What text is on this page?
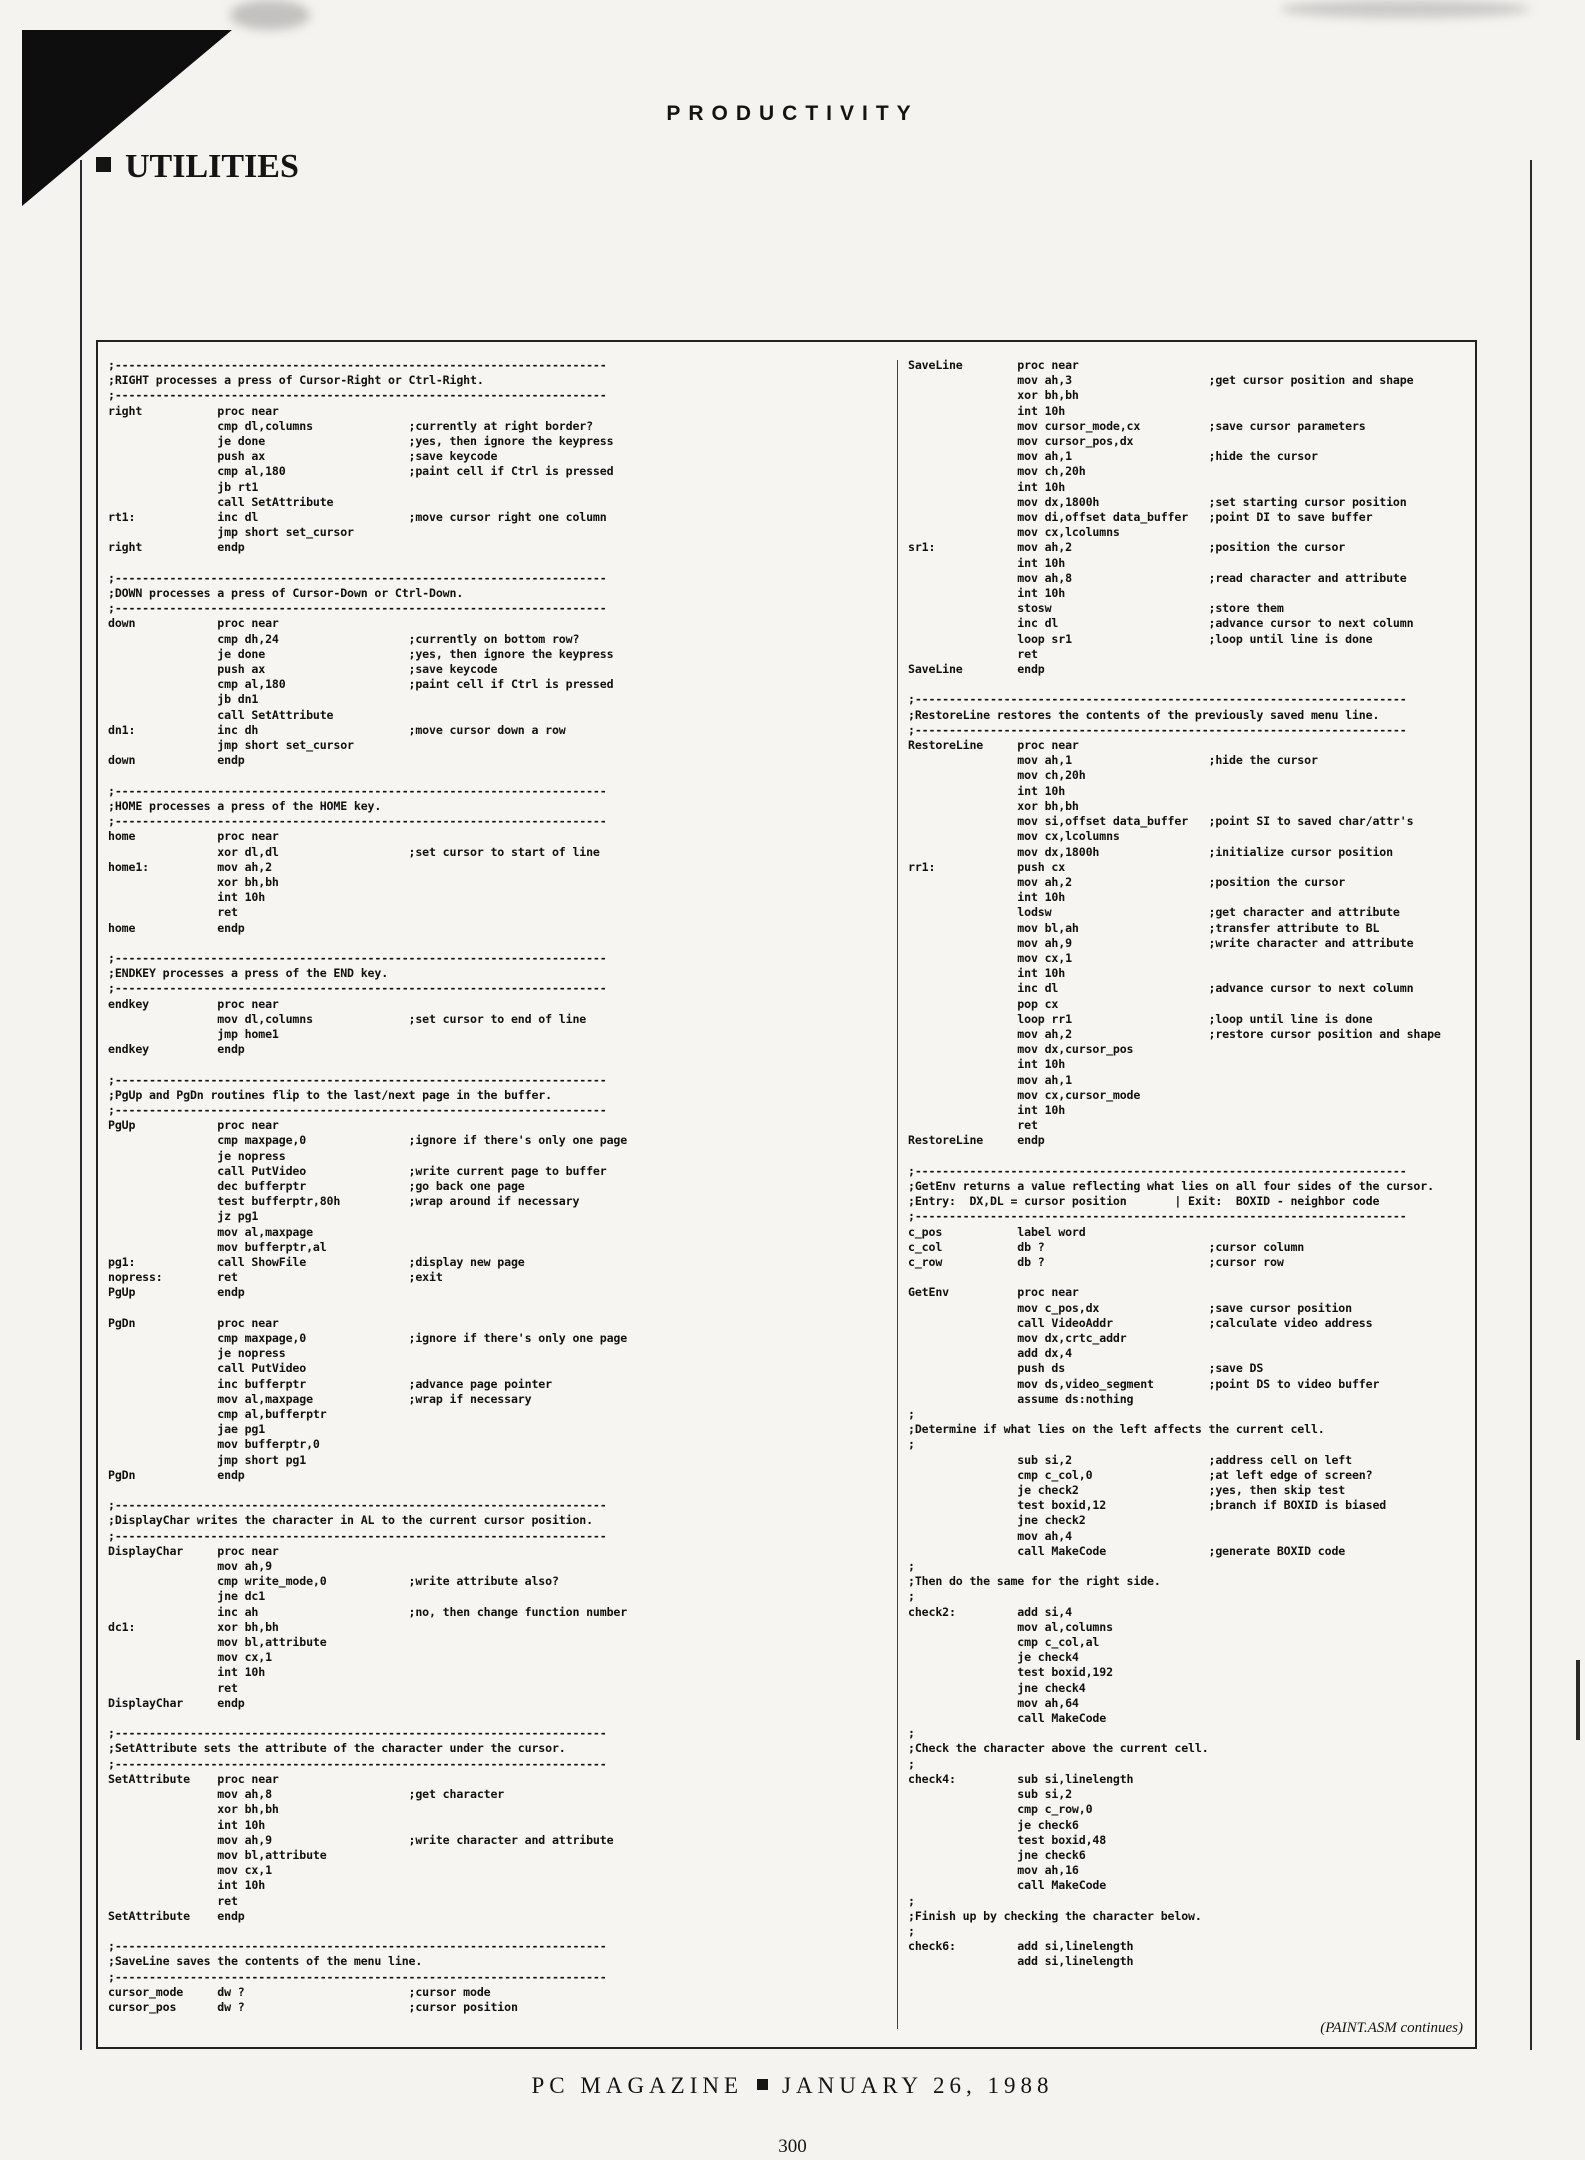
PRODUCTIVITY
UTILITIES
;------------------------------------------------------------------------
;RIGHT processes a press of Cursor-Right or Ctrl-Right.
;------------------------------------------------------------------------
right           proc near
cmp dl,columns              ;currently at right border?
je done                     ;yes, then ignore the keypress
push ax                     ;save keycode
cmp al,180                  ;paint cell if Ctrl is pressed
jb rt1
call SetAttribute
rt1:            inc dl                      ;move cursor right one column
jmp short set_cursor
right           endp

;------------------------------------------------------------------------
;DOWN processes a press of Cursor-Down or Ctrl-Down.
;------------------------------------------------------------------------
down            proc near
cmp dh,24                   ;currently on bottom row?
je done                     ;yes, then ignore the keypress
push ax                     ;save keycode
cmp al,180                  ;paint cell if Ctrl is pressed
jb dn1
call SetAttribute
dn1:            inc dh                      ;move cursor down a row
jmp short set_cursor
down            endp

;------------------------------------------------------------------------
;HOME processes a press of the HOME key.
;------------------------------------------------------------------------
home            proc near
xor dl,dl                   ;set cursor to start of line
home1:          mov ah,2
xor bh,bh
int 10h
ret
home            endp

;------------------------------------------------------------------------
;ENDKEY processes a press of the END key.
;------------------------------------------------------------------------
endkey          proc near
mov dl,columns              ;set cursor to end of line
jmp home1
endkey          endp

;------------------------------------------------------------------------
;PgUp and PgDn routines flip to the last/next page in the buffer.
;------------------------------------------------------------------------
PgUp            proc near
cmp maxpage,0               ;ignore if there's only one page
je nopress
call PutVideo               ;write current page to buffer
dec bufferptr               ;go back one page
test bufferptr,80h          ;wrap around if necessary
jz pg1
mov al,maxpage
mov bufferptr,al
pg1:            call ShowFile               ;display new page
nopress:        ret                         ;exit
PgUp            endp

PgDn            proc near
cmp maxpage,0               ;ignore if there's only one page
je nopress
call PutVideo
inc bufferptr               ;advance page pointer
mov al,maxpage              ;wrap if necessary
cmp al,bufferptr
jae pg1
mov bufferptr,0
jmp short pg1
PgDn            endp

;------------------------------------------------------------------------
;DisplayChar writes the character in AL to the current cursor position.
;------------------------------------------------------------------------
DisplayChar     proc near
mov ah,9
cmp write_mode,0            ;write attribute also?
jne dc1
inc ah                      ;no, then change function number
dc1:            xor bh,bh
mov bl,attribute
mov cx,1
int 10h
ret
DisplayChar     endp

;------------------------------------------------------------------------
;SetAttribute sets the attribute of the character under the cursor.
;------------------------------------------------------------------------
SetAttribute    proc near
mov ah,8                    ;get character
xor bh,bh
int 10h
mov ah,9                    ;write character and attribute
mov bl,attribute
mov cx,1
int 10h
ret
SetAttribute    endp

;------------------------------------------------------------------------
;SaveLine saves the contents of the menu line.
;------------------------------------------------------------------------
cursor_mode     dw ?                        ;cursor mode
cursor_pos      dw ?                        ;cursor position
SaveLine        proc near
mov ah,3                    ;get cursor position and shape
xor bh,bh
int 10h
mov cursor_mode,cx          ;save cursor parameters
mov cursor_pos,dx
mov ah,1                    ;hide the cursor
mov ch,20h
int 10h
mov dx,1800h                ;set starting cursor position
mov di,offset data_buffer   ;point DI to save buffer
mov cx,lcolumns
sr1:            mov ah,2                    ;position the cursor
int 10h
mov ah,8                    ;read character and attribute
int 10h
stosw                       ;store them
inc dl                      ;advance cursor to next column
loop sr1                    ;loop until line is done
ret
SaveLine        endp

;------------------------------------------------------------------------
;RestoreLine restores the contents of the previously saved menu line.
;------------------------------------------------------------------------
RestoreLine     proc near
mov ah,1                    ;hide the cursor
mov ch,20h
int 10h
xor bh,bh
mov si,offset data_buffer   ;point SI to saved char/attr's
mov cx,lcolumns
mov dx,1800h                ;initialize cursor position
rr1:            push cx
mov ah,2                    ;position the cursor
int 10h
lodsw                       ;get character and attribute
mov bl,ah                   ;transfer attribute to BL
mov ah,9                    ;write character and attribute
mov cx,1
int 10h
inc dl                      ;advance cursor to next column
pop cx
loop rr1                    ;loop until line is done
mov ah,2                    ;restore cursor position and shape
mov dx,cursor_pos
int 10h
mov ah,1
mov cx,cursor_mode
int 10h
ret
RestoreLine     endp

;------------------------------------------------------------------------
;GetEnv returns a value reflecting what lies on all four sides of the cursor.
;Entry:  DX,DL = cursor position       | Exit:  BOXID - neighbor code
;------------------------------------------------------------------------
c_pos           label word
c_col           db ?                        ;cursor column
c_row           db ?                        ;cursor row

GetEnv          proc near
mov c_pos,dx                ;save cursor position
call VideoAddr              ;calculate video address
mov dx,crtc_addr
add dx,4
push ds                     ;save DS
mov ds,video_segment        ;point DS to video buffer
assume ds:nothing
;
;Determine if what lies on the left affects the current cell.
;
sub si,2                    ;address cell on left
cmp c_col,0                 ;at left edge of screen?
je check2                   ;yes, then skip test
test boxid,12               ;branch if BOXID is biased
jne check2
mov ah,4
call MakeCode               ;generate BOXID code
;
;Then do the same for the right side.
;
check2:         add si,4
mov al,columns
cmp c_col,al
je check4
test boxid,192
jne check4
mov ah,64
call MakeCode
;
;Check the character above the current cell.
;
check4:         sub si,linelength
sub si,2
cmp c_row,0
je check6
test boxid,48
jne check6
mov ah,16
call MakeCode
;
;Finish up by checking the character below.
;
check6:         add si,linelength
add si,linelength
(PAINT.ASM continues)
PC MAGAZINE JANUARY 26, 1988
300
